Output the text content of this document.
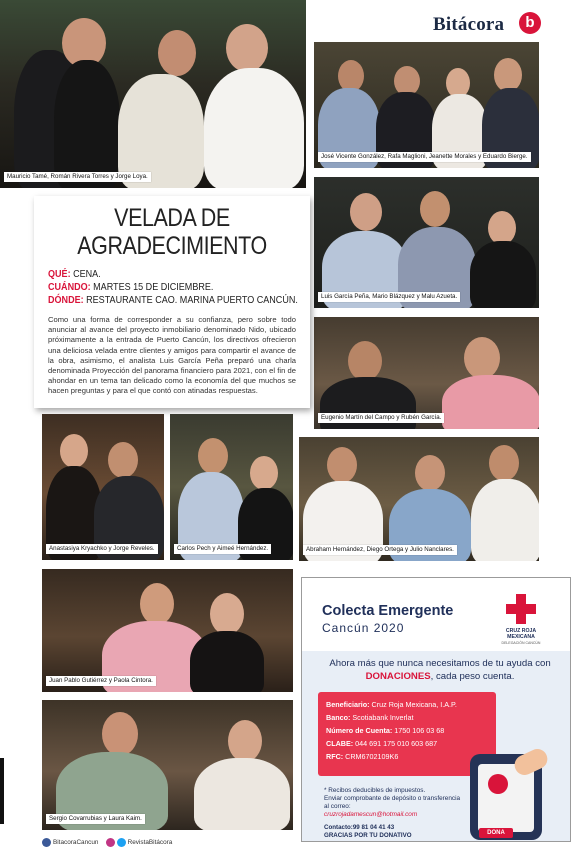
Bitácora	b
Mauricio Tamé, Román Rivera Torres y Jorge Loya.
José Vicente González, Rafa Maglioni, Jeanette Morales y Eduardo Bierge.
Luis García Peña, Mario Blázquez y Malu Azueta.
Eugenio Martín del Campo y Rubén García.
VELADA DE
AGRADECIMIENTO
QUÉ: CENA.
CUÁNDO: MARTES 15 DE DICIEMBRE.
DÓNDE: RESTAURANTE CAO. MARINA PUERTO CANCÚN.

Como una forma de corresponder a su confianza, pero sobre todo anunciar al avance del proyecto inmobiliario denominado Nido, ubicado próximamente a la entrada de Puerto Cancún, los directivos ofrecieron una deliciosa velada entre clientes y amigos para compartir el avance de la obra, asimismo, el analista Luis García Peña preparó una charla denominada Proyección del panorama financiero para 2021, con el fin de ahondar en un tema tan delicado como la economía del que muchos se hacen preguntas y para el que contó con atinadas respuestas.

Anastasiya Kryachko y Jorge Reveles.	Carlos Pech y Aimeé Hernández.	Abraham Hernández, Diego Ortega y Julio Nanclares.
Juan Pablo Gutiérrez y Paola Cintora.
Sergio Covarrubias y Laura Kaim.
Colecta Emergente
Cancún 2020	CRUZ ROJA MEXICANA
DELEGACIÓN CANCÚN
Ahora más que nunca necesitamos de tu ayuda con DONACIONES, cada peso cuenta.
Beneficiario: Cruz Roja Mexicana, I.A.P.
Banco: Scotiabank Inverlat
Número de Cuenta: 1750 106 03 68
CLABE: 044 691 175 010 603 687
RFC: CRM6702109K6
DONA
* Recibos deducibles de impuestos.
Enviar comprobante de depósito o transferencia al correo:
cruzrojadamescun@hotmail.com
Contacto:99 81 04 41 43
GRACIAS POR TU DONATIVO
BitacoraCancun	RevistaBitácora
